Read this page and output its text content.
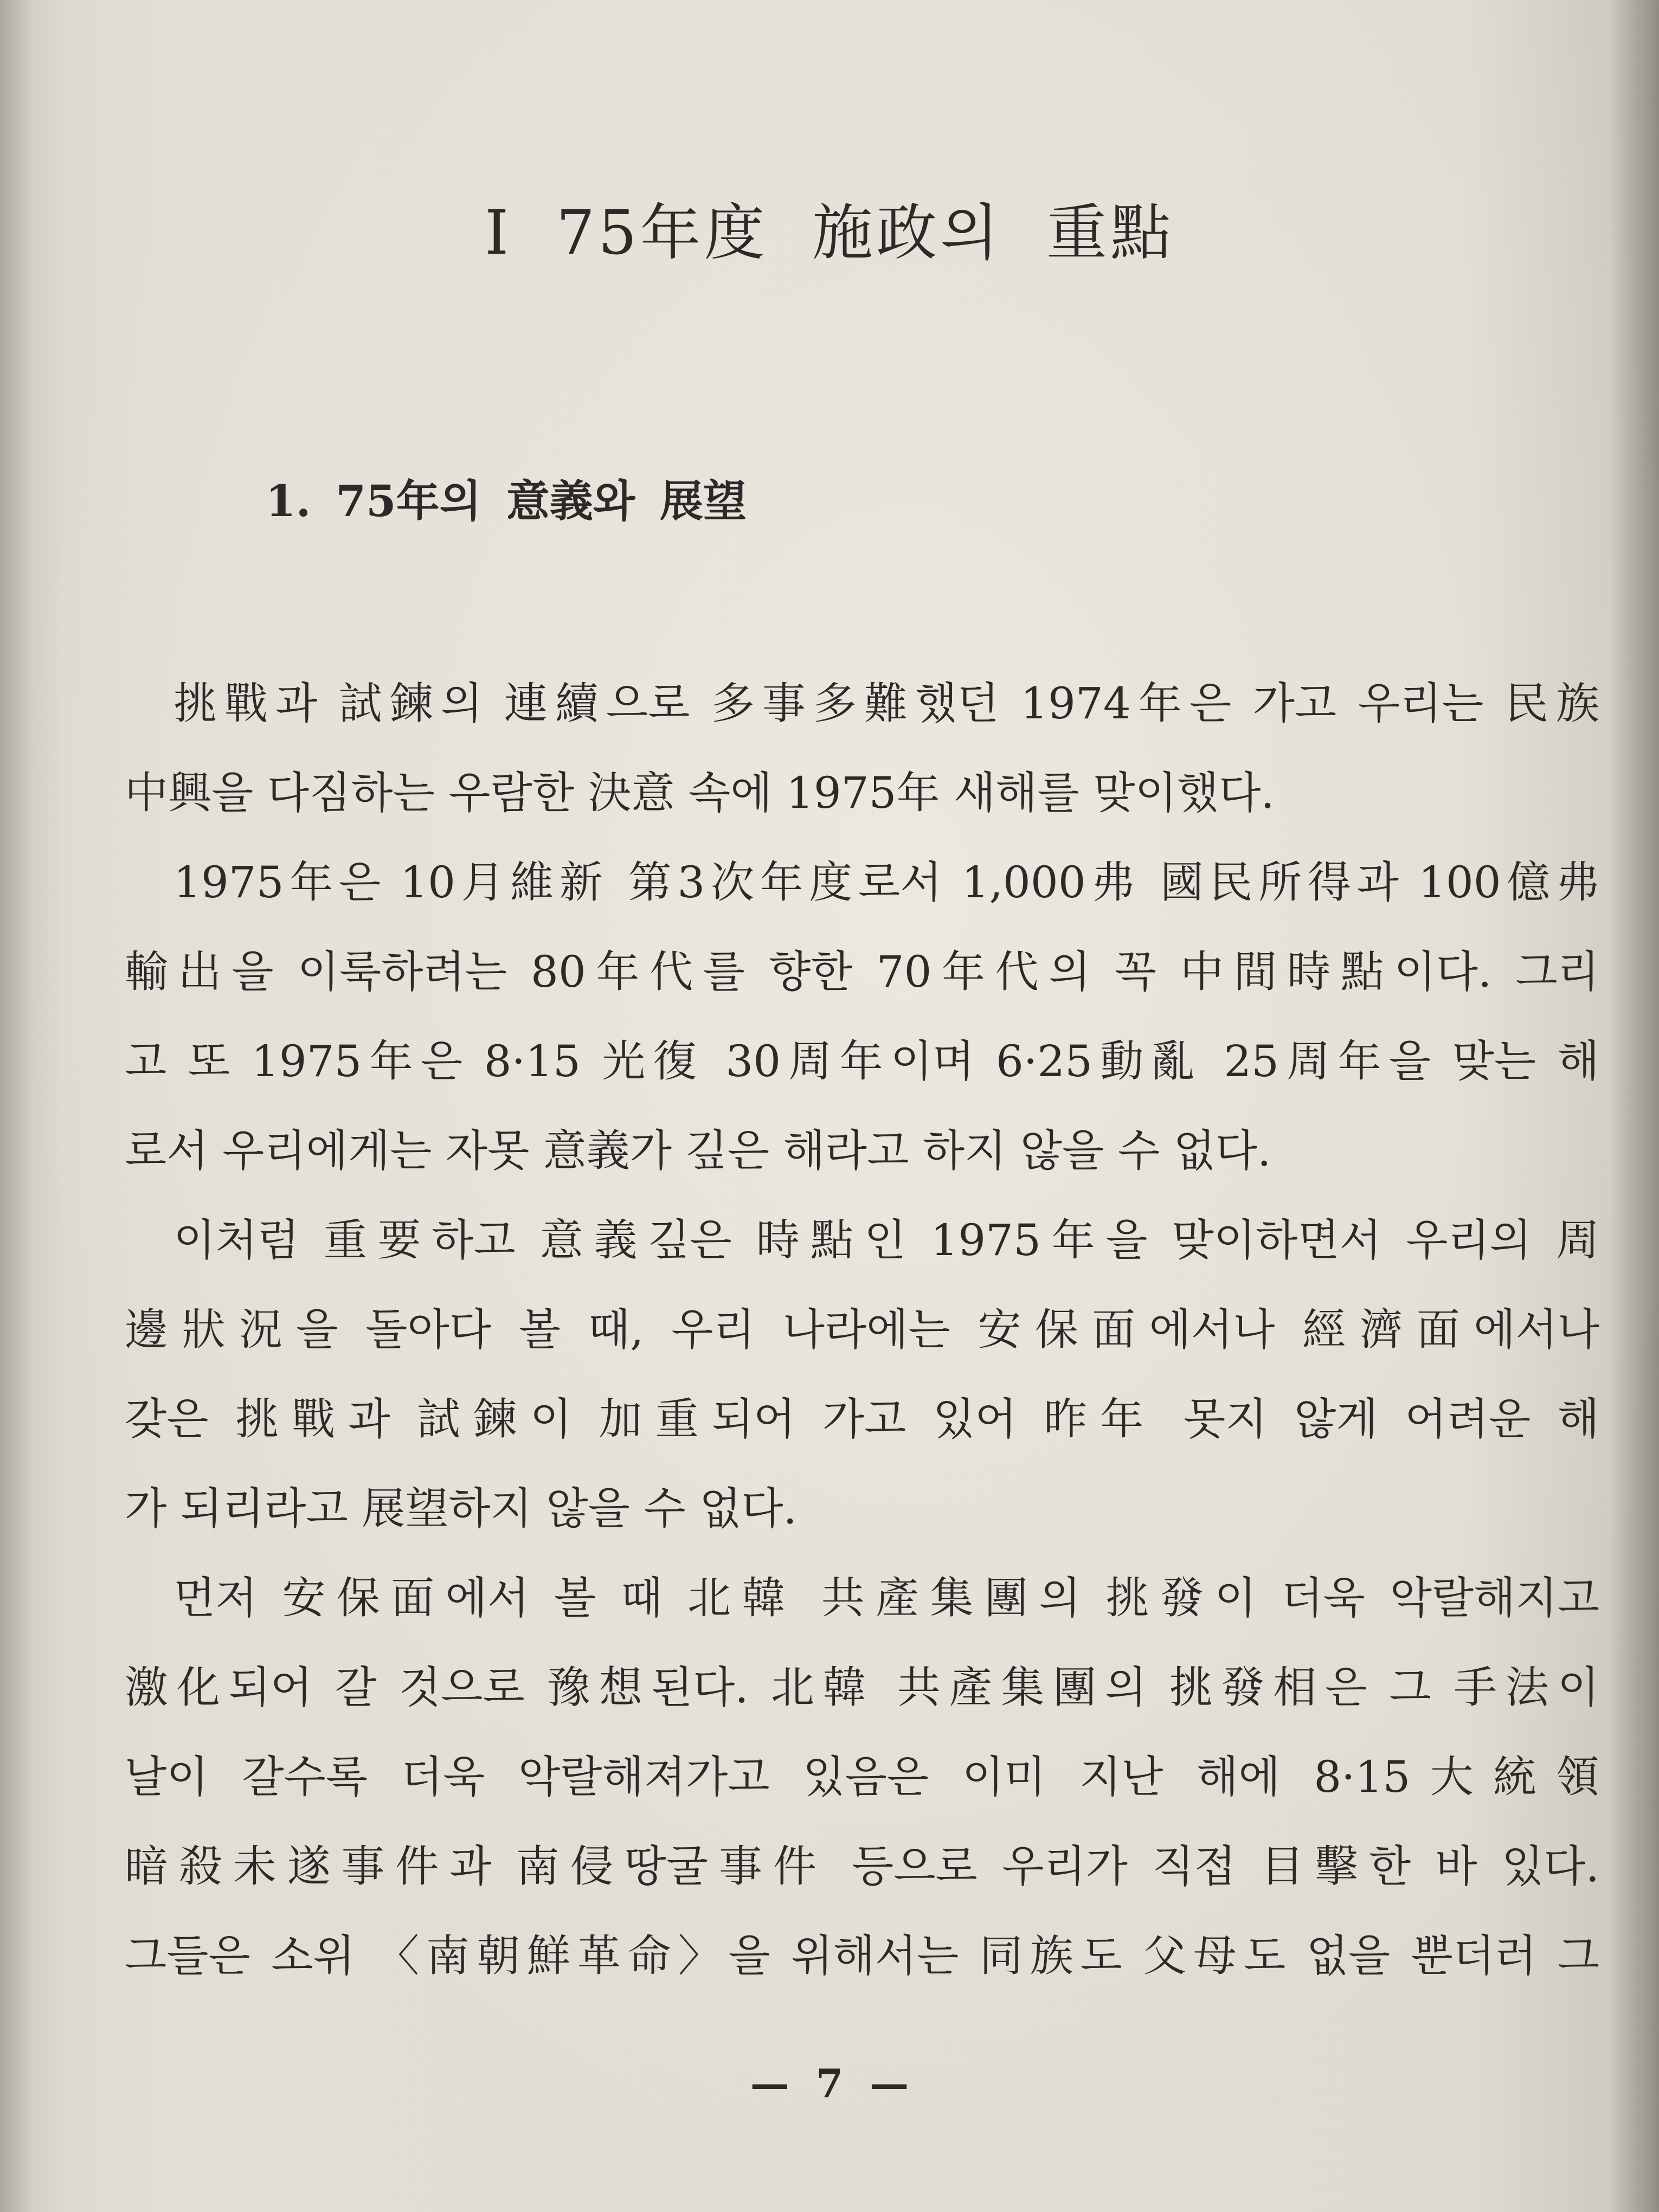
Ⅰ 75年度 施政의 重點
1. 75年의 意義와 展望
挑戰과 試鍊의 連續으로 多事多難했던 1974年은 가고 우리는 民族
中興을 다짐하는 우람한 決意 속에 1975年 새해를 맞이했다.
1975年은 10月維新 第3次年度로서 1,000弗 國民所得과 100億弗
輸出을 이룩하려는 80年代를 향한 70年代의 꼭 中間時點이다. 그리
고 또 1975年은 8·15 光復 30周年이며 6·25動亂 25周年을 맞는 해
로서 우리에게는 자못 意義가 깊은 해라고 하지 않을 수 없다.
이처럼 重要하고 意義깊은 時點인 1975年을 맞이하면서 우리의 周
邊狀況을 돌아다 볼 때, 우리 나라에는 安保面에서나 經濟面에서나
갖은 挑戰과 試鍊이 加重되어 가고 있어 昨年 못지 않게 어려운 해
가 되리라고 展望하지 않을 수 없다.
먼저 安保面에서 볼 때 北韓 共產集團의 挑發이 더욱 악랄해지고
激化되어 갈 것으로 豫想된다. 北韓 共產集團의 挑發相은 그 手法이
날이 갈수록 더욱 악랄해져가고 있음은 이미 지난 해에 8·15大統領
暗殺未遂事件과 南侵땅굴事件 등으로 우리가 직접 目擊한 바 있다.
그들은 소위 〈南朝鮮革命〉을 위해서는 同族도 父母도 없을 뿐더러 그
— 7 —
